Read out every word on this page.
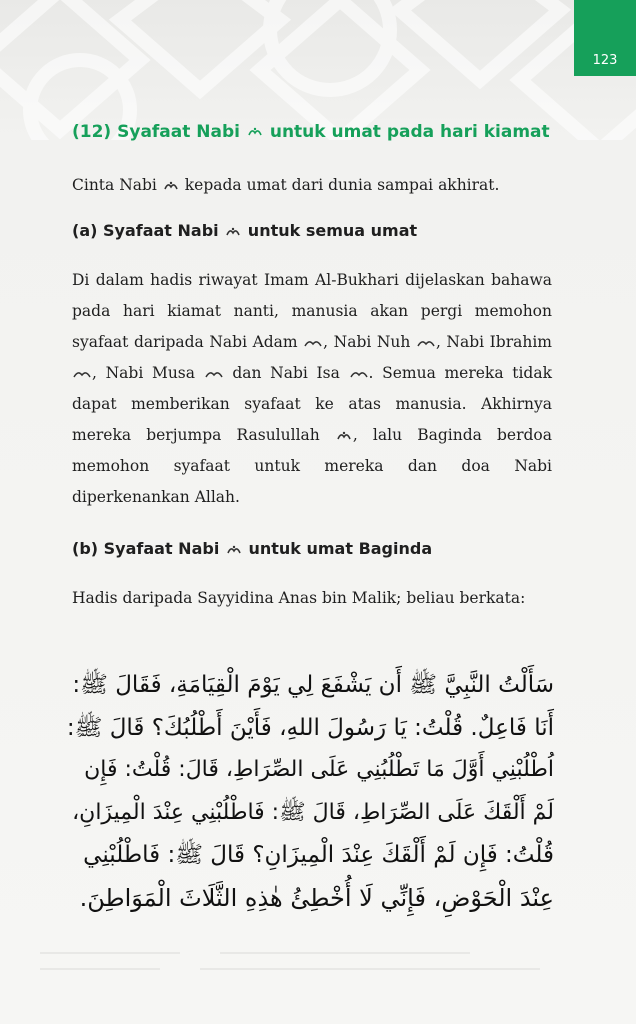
123
(12) Syafaat Nabi untuk umat pada hari kiamat

Cinta Nabi kepada umat dari dunia sampai akhirat.

(a) Syafaat Nabi untuk semua umat

Di dalam hadis riwayat Imam Al-Bukhari dijelaskan bahawa pada hari kiamat nanti, manusia akan pergi memohon syafaat daripada Nabi Adam , Nabi Nuh , Nabi Ibrahim , Nabi Musa dan Nabi Isa . Semua mereka tidak dapat memberikan syafaat ke atas manusia. Akhirnya mereka berjumpa Rasulullah , lalu Baginda berdoa memohon syafaat untuk mereka dan doa Nabi diperkenankan Allah.

(b) Syafaat Nabi untuk umat Baginda

Hadis daripada Sayyidina Anas bin Malik; beliau berkata:

سَأَلْتُ النَّبِيَّ ﷺ أَن يَشْفَعَ لِي يَوْمَ الْقِيَامَةِ، فَقَالَ ﷺ:
أَنَا فَاعِلٌ. قُلْتُ: يَا رَسُولَ اللهِ، فَأَيْنَ أَطْلُبُكَ؟ قَالَ ﷺ:
اُطْلُبْنِي أَوَّلَ مَا تَطْلُبُنِي عَلَى الصِّرَاطِ، قَالَ: قُلْتُ: فَإِن
لَمْ أَلْقَكَ عَلَى الصِّرَاطِ، قَالَ ﷺ: فَاطْلُبْنِي عِنْدَ الْمِيزَانِ،
قُلْتُ: فَإِن لَمْ أَلْقَكَ عِنْدَ الْمِيزَانِ؟ قَالَ ﷺ: فَاطْلُبْنِي
عِنْدَ الْحَوْضِ، فَإِنِّي لَا أُخْطِئُ هٰذِهِ الثَّلَاثَ الْمَوَاطِنَ.
